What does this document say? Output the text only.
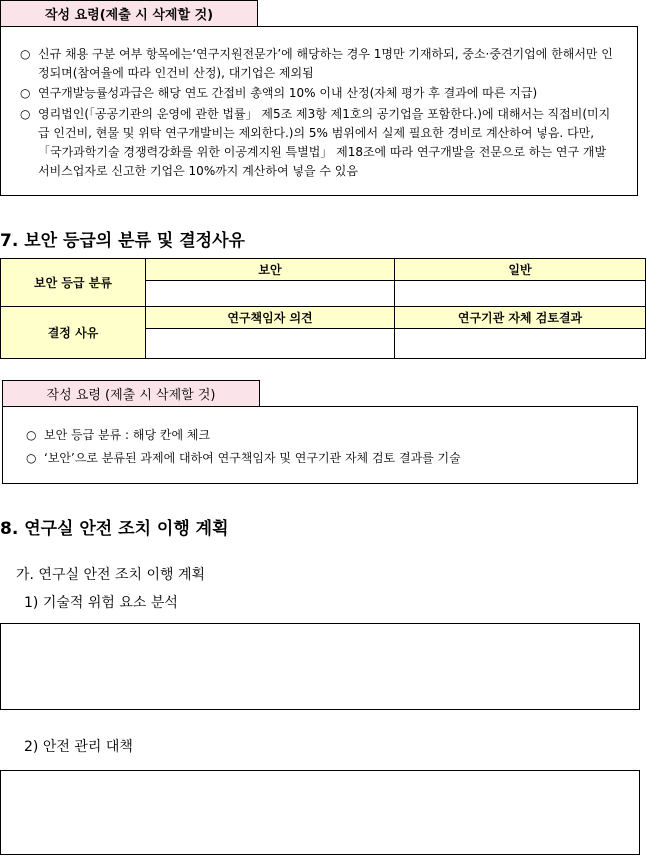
작성 요령(제출 시 삭제할 것)
○ 신규 채용 구분 여부 항목에는‘연구지원전문가’에 해당하는 경우 1명만 기재하되, 중소·중견기업에 한해서만 인정되며(참여율에 따라 인건비 산정), 대기업은 제외됨
○ 연구개발능률성과급은 해당 연도 간접비 총액의 10% 이내 산정(자체 평가 후 결과에 따른 지급)
○ 영리법인(「공공기관의 운영에 관한 법률」 제5조 제3항 제1호의 공기업을 포함한다.)에 대해서는 직접비(미지급 인건비, 현물 및 위탁 연구개발비는 제외한다.)의 5% 범위에서 실제 필요한 경비로 계산하여 넣음. 다만, 「국가과학기술 경쟁력강화를 위한 이공계지원 특별법」 제18조에 따라 연구개발을 전문으로 하는 연구 개발 서비스업자로 신고한 기업은 10%까지 계산하여 넣을 수 있음
7. 보안 등급의 분류 및 결정사유
보안 등급 분류	보안	일반

결정 사유	연구책임자 의견	연구기관 자체 검토결과

작성 요령 (제출 시 삭제할 것)
○ 보안 등급 분류 : 해당 칸에 체크
○ ‘보안’으로 분류된 과제에 대하여 연구책임자 및 연구기관 자체 검토 결과를 기술
8. 연구실 안전 조치 이행 계획
가. 연구실 안전 조치 이행 계획
1) 기술적 위험 요소 분석
2) 안전 관리 대책
